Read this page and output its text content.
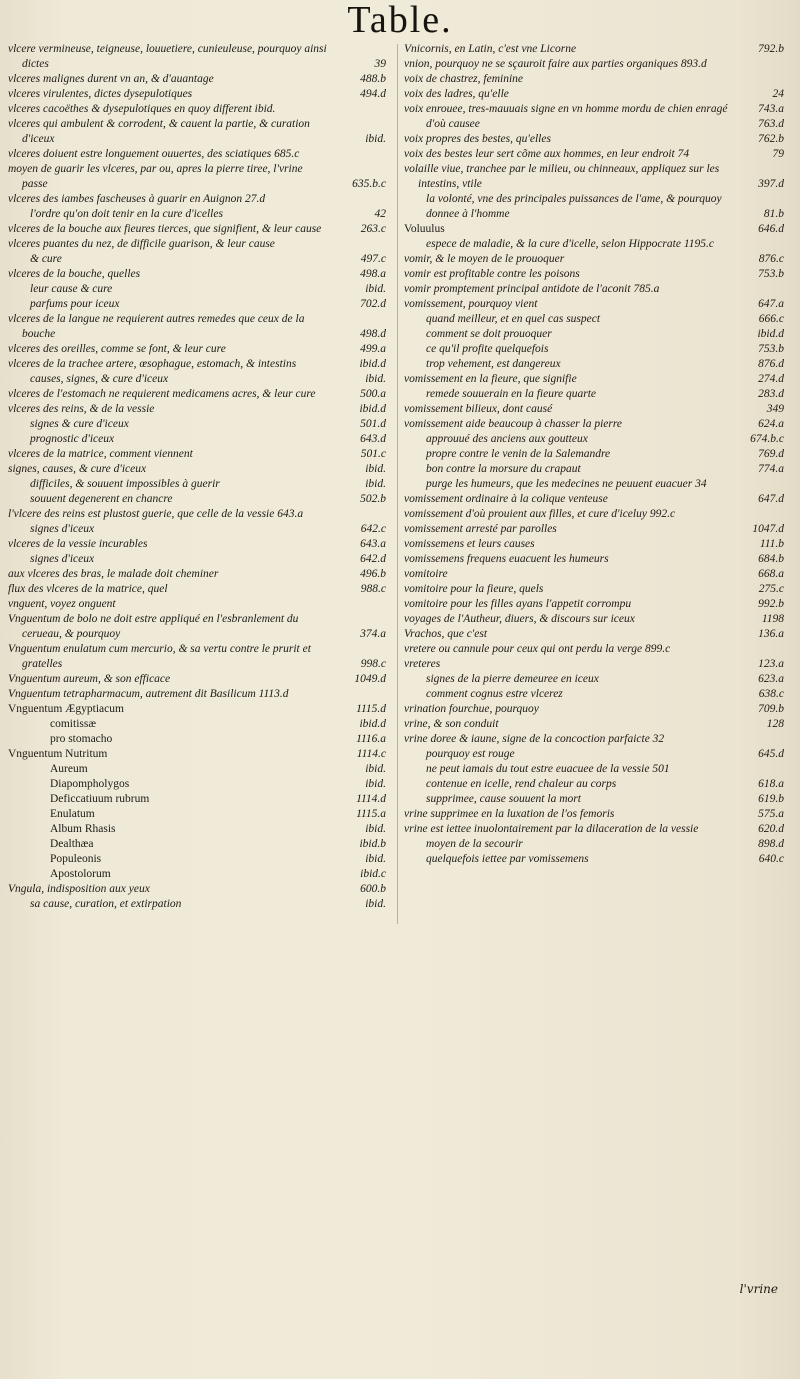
Table.
vlcere vermineuse, teigneuse, louuetiere, cunieuleuse, pourquoy ainsi dictes	39
vlceres malignes durent vn an, & d'auantage	488.b
vlceres virulentes, dictes dysepulotiques	494.d
vlceres cacoëthes & dysepulotiques en quoy different ibid.
vlceres qui ambulent & corrodent, & cauent la partie, & curation d'iceux	ibid.
vlceres doiuent estre longuement ouuertes, des sciatiques 685.c
moyen de guarir les vlceres, par ou, apres la pierre tiree, l'vrine passe	635.b.c
vlceres des iambes fascheuses à guarir en Auignon 27.d
l'ordre qu'on doit tenir en la cure d'icelles	42
vlceres de la bouche aux fieures tierces, que signifient, & leur cause	263.c
vlceres puantes du nez, de difficile guarison, & leur cause
& cure	497.c
vlceres de la bouche, quelles	498.a
leur cause & cure	ibid.
parfums pour iceux	702.d
vlceres de la langue ne requierent autres remedes que ceux de la bouche	498.d
vlceres des oreilles, comme se font, & leur cure	499.a
vlceres de la trachee artere, œsophague, estomach, & intestins	ibid.d
causes, signes, & cure d'iceux	ibid.
vlceres de l'estomach ne requierent medicamens acres, & leur cure	500.a
vlceres des reins, & de la vessie	ibid.d
signes & cure d'iceux	501.d
prognostic d'iceux	643.d
vlceres de la matrice, comment viennent	501.c
signes, causes, & cure d'iceux	ibid.
difficiles, & souuent impossibles à guerir	ibid.
souuent degenerent en chancre	502.b
l'vlcere des reins est plustost guerie, que celle de la vessie 643.a
signes d'iceux	642.c
vlceres de la vessie incurables	643.a
signes d'iceux	642.d
aux vlceres des bras, le malade doit cheminer	496.b
flux des vlceres de la matrice, quel	988.c
vnguent, voyez onguent
Vnguentum de bolo ne doit estre appliqué en l'esbranlement du cerueau, & pourquoy	374.a
Vnguentum enulatum cum mercurio, & sa vertu contre le prurit et gratelles	998.c
Vnguentum aureum, & son efficace	1049.d
Vnguentum tetrapharmacum, autrement dit Basilicum 1113.d
Vnguentum Ægyptiacum	1115.d
comitissæ	ibid.d
pro stomacho	1116.a
Vnguentum Nutritum	1114.c
Aureum	ibid.
Diapompholygos	ibid.
Deficcatiuum rubrum	1114.d
Enulatum	1115.a
Album Rhasis	ibid.
Dealthæa	ibid.b
Populeonis	ibid.
Apostolorum	ibid.c
Vngula, indisposition aux yeux	600.b
sa cause, curation, et extirpation	ibid.
Vnicornis, en Latin, c'est vne Licorne	792.b
vnion, pourquoy ne se sçauroit faire aux parties organiques 893.d
voix de chastrez, feminine
voix des ladres, qu'elle	24
voix enrouee, tres-mauuais signe en vn homme mordu de chien enragé	743.a
d'où causee	763.d
voix propres des bestes, qu'elles	762.b
voix des bestes leur sert cõme aux hommes, en leur endroit 74	79
volaille viue, tranchee par le milieu, ou chinneaux, appliquez sur les intestins, vtile	397.d
la volonté, vne des principales puissances de l'ame, & pourquoy donnee à l'homme	81.b
Voluulus	646.d
espece de maladie, & la cure d'icelle, selon Hippocrate 1195.c
vomir, & le moyen de le prouoquer	876.c
vomir est profitable contre les poisons	753.b
vomir promptement principal antidote de l'aconit 785.a
vomissement, pourquoy vient	647.a
quand meilleur, et en quel cas suspect	666.c
comment se doit prouoquer	ibid.d
ce qu'il profite quelquefois	753.b
trop vehement, est dangereux	876.d
vomissement en la fieure, que signifie	274.d
remede souuerain en la fieure quarte	283.d
vomissement bilieux, dont causé	349
vomissement aide beaucoup à chasser la pierre	624.a
approuué des anciens aux goutteux	674.b.c
propre contre le venin de la Salemandre	769.d
bon contre la morsure du crapaut	774.a
purge les humeurs, que les medecines ne peuuent euacuer 34
vomissement ordinaire à la colique venteuse	647.d
vomissement d'où prouient aux filles, et cure d'iceluy 992.c
vomissement arresté par parolles	1047.d
vomissemens et leurs causes	111.b
vomissemens frequens euacuent les humeurs	684.b
vomitoire	668.a
vomitoire pour la fieure, quels	275.c
vomitoire pour les filles ayans l'appetit corrompu	992.b
voyages de l'Autheur, diuers, & discours sur iceux	1198
Vrachos, que c'est	136.a
vretere ou cannule pour ceux qui ont perdu la verge 899.c
vreteres	123.a
signes de la pierre demeuree en iceux	623.a
comment cognus estre vlcerez	638.c
vrination fourchue, pourquoy	709.b
vrine, & son conduit	128
vrine doree & iaune, signe de la concoction parfaicte 32
pourquoy est rouge	645.d
ne peut iamais du tout estre euacuee de la vessie 501
contenue en icelle, rend chaleur au corps	618.a
supprimee, cause souuent la mort	619.b
vrine supprimee en la luxation de l'os femoris	575.a
vrine est iettee inuolontairement par la dilaceration de la vessie	620.d
moyen de la secourir	898.d
quelquefois iettee par vomissemens	640.c
l'vrine
